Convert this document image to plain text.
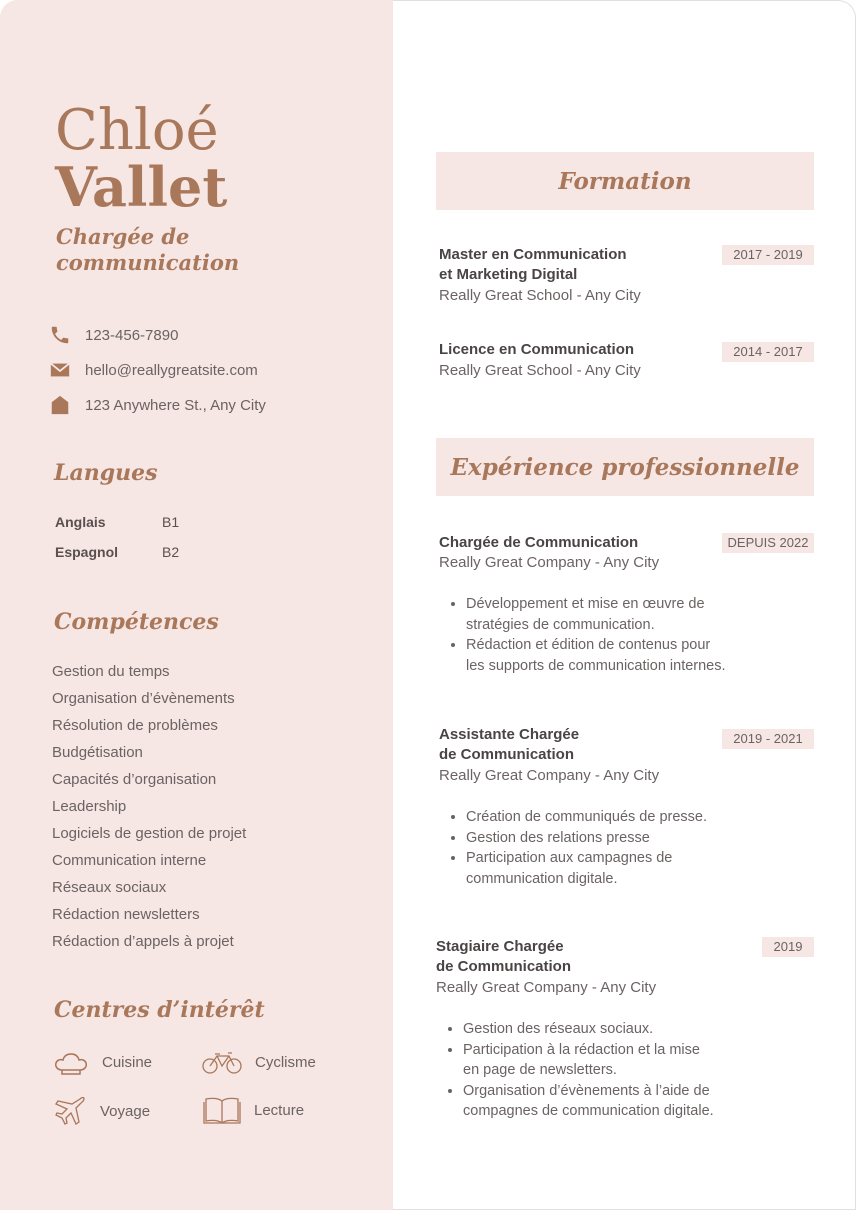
Chloé
Vallet
Chargée de
communication
123-456-7890
hello@reallygreatsite.com
123 Anywhere St., Any City
Langues
Anglais	B1
Espagnol	B2
Compétences
Gestion du temps
Organisation d’évènements
Résolution de problèmes
Budgétisation
Capacités d’organisation
Leadership
Logiciels de gestion de projet
Communication interne
Réseaux sociaux
Rédaction newsletters
Rédaction d’appels à projet
Centres d’intérêt
Cuisine	Cyclisme
Voyage	Lecture
Formation
Master en Communication
et Marketing Digital
Really Great School - Any City
2017 - 2019
Licence en Communication
Really Great School - Any City
2014 - 2017
Expérience professionnelle
Chargée de Communication
Really Great Company - Any City
DEPUIS 2022
• Développement et mise en œuvre de
stratégies de communication.
• Rédaction et édition de contenus pour
les supports de communication internes.
Assistante Chargée
de Communication
Really Great Company - Any City
2019 - 2021
• Création de communiqués de presse.
• Gestion des relations presse
• Participation aux campagnes de
communication digitale.
Stagiaire Chargée
de Communication
Really Great Company - Any City
2019
• Gestion des réseaux sociaux.
• Participation à la rédaction et la mise
en page de newsletters.
• Organisation d’évènements à l’aide de
compagnes de communication digitale.
